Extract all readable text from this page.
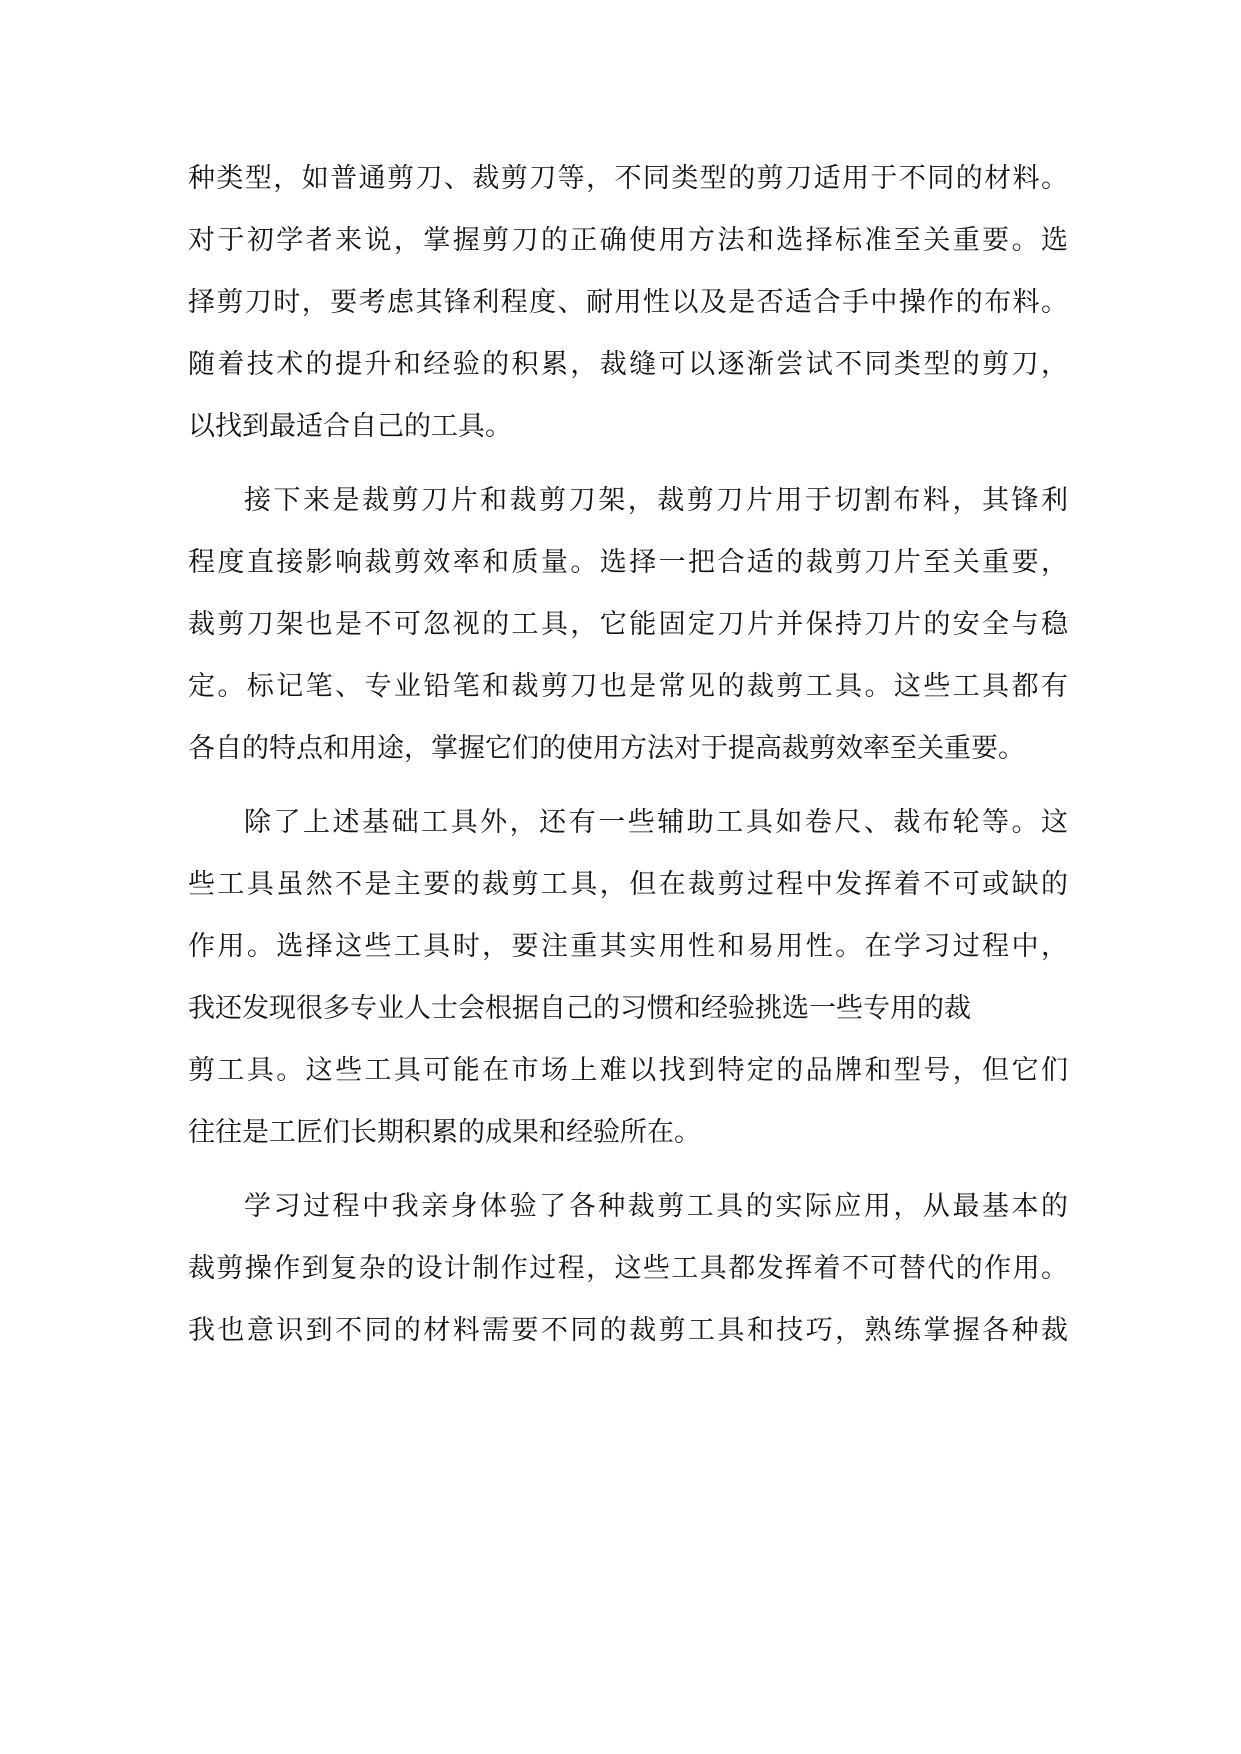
种类型，如普通剪刀、裁剪刀等，不同类型的剪刀适用于不同的材料。
对于初学者来说，掌握剪刀的正确使用方法和选择标准至关重要。选
择剪刀时，要考虑其锋利程度、耐用性以及是否适合手中操作的布料。
随着技术的提升和经验的积累，裁缝可以逐渐尝试不同类型的剪刀，
以找到最适合自己的工具。
接下来是裁剪刀片和裁剪刀架，裁剪刀片用于切割布料，其锋利
程度直接影响裁剪效率和质量。选择一把合适的裁剪刀片至关重要，
裁剪刀架也是不可忽视的工具，它能固定刀片并保持刀片的安全与稳
定。标记笔、专业铅笔和裁剪刀也是常见的裁剪工具。这些工具都有
各自的特点和用途，掌握它们的使用方法对于提高裁剪效率至关重要。
除了上述基础工具外，还有一些辅助工具如卷尺、裁布轮等。这
些工具虽然不是主要的裁剪工具，但在裁剪过程中发挥着不可或缺的
作用。选择这些工具时，要注重其实用性和易用性。在学习过程中，
我还发现很多专业人士会根据自己的习惯和经验挑选一些专用的裁
剪工具。这些工具可能在市场上难以找到特定的品牌和型号，但它们
往往是工匠们长期积累的成果和经验所在。
学习过程中我亲身体验了各种裁剪工具的实际应用，从最基本的
裁剪操作到复杂的设计制作过程，这些工具都发挥着不可替代的作用。
我也意识到不同的材料需要不同的裁剪工具和技巧，熟练掌握各种裁
